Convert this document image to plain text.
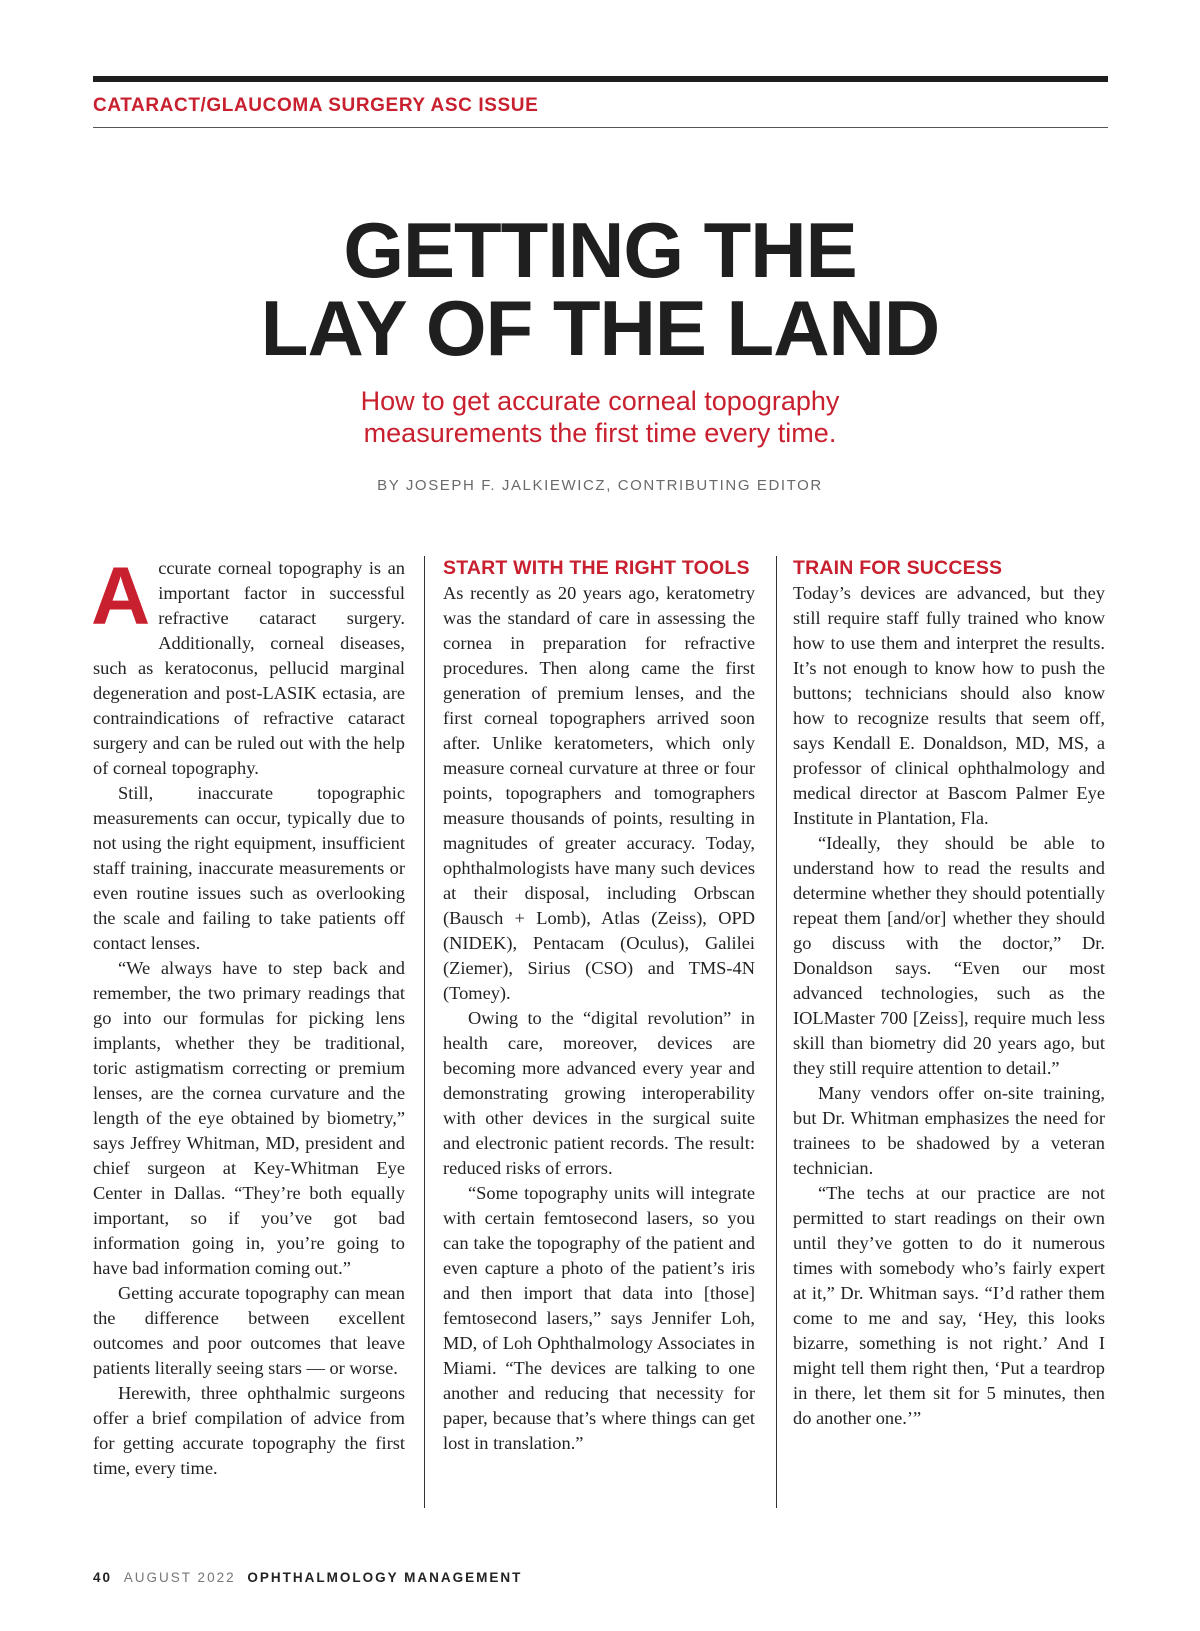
CATARACT/GLAUCOMA SURGERY ASC ISSUE
GETTING THE
LAY OF THE LAND
How to get accurate corneal topography
measurements the first time every time.
BY JOSEPH F. JALKIEWICZ, CONTRIBUTING EDITOR

Accurate corneal topography is an important factor in successful refractive cataract surgery. Additionally, corneal diseases, such as keratoconus, pellucid marginal degeneration and post-LASIK ectasia, are contraindications of refractive cataract surgery and can be ruled out with the help of corneal topography.

Still, inaccurate topographic measurements can occur, typically due to not using the right equipment, insufficient staff training, inaccurate measurements or even routine issues such as overlooking the scale and failing to take patients off contact lenses.

“We always have to step back and remember, the two primary readings that go into our formulas for picking lens implants, whether they be traditional, toric astigmatism correcting or premium lenses, are the cornea curvature and the length of the eye obtained by biometry,” says Jeffrey Whitman, MD, president and chief surgeon at Key-Whitman Eye Center in Dallas. “They’re both equally important, so if you’ve got bad information going in, you’re going to have bad information coming out.”

Getting accurate topography can mean the difference between excellent outcomes and poor outcomes that leave patients literally seeing stars — or worse.

Herewith, three ophthalmic surgeons offer a brief compilation of advice from for getting accurate topography the first time, every time.

START WITH THE RIGHT TOOLS

As recently as 20 years ago, keratometry was the standard of care in assessing the cornea in preparation for refractive procedures. Then along came the first generation of premium lenses, and the first corneal topographers arrived soon after. Unlike keratometers, which only measure corneal curvature at three or four points, topographers and tomographers measure thousands of points, resulting in magnitudes of greater accuracy. Today, ophthalmologists have many such devices at their disposal, including Orbscan (Bausch + Lomb), Atlas (Zeiss), OPD (NIDEK), Pentacam (Oculus), Galilei (Ziemer), Sirius (CSO) and TMS-4N (Tomey).

Owing to the “digital revolution” in health care, moreover, devices are becoming more advanced every year and demonstrating growing interoperability with other devices in the surgical suite and electronic patient records. The result: reduced risks of errors.

“Some topography units will integrate with certain femtosecond lasers, so you can take the topography of the patient and even capture a photo of the patient’s iris and then import that data into [those] femtosecond lasers,” says Jennifer Loh, MD, of Loh Ophthalmology Associates in Miami. “The devices are talking to one another and reducing that necessity for paper, because that’s where things can get lost in translation.”

TRAIN FOR SUCCESS

Today’s devices are advanced, but they still require staff fully trained who know how to use them and interpret the results. It’s not enough to know how to push the buttons; technicians should also know how to recognize results that seem off, says Kendall E. Donaldson, MD, MS, a professor of clinical ophthalmology and medical director at Bascom Palmer Eye Institute in Plantation, Fla.

“Ideally, they should be able to understand how to read the results and determine whether they should potentially repeat them [and/or] whether they should go discuss with the doctor,” Dr. Donaldson says. “Even our most advanced technologies, such as the IOLMaster 700 [Zeiss], require much less skill than biometry did 20 years ago, but they still require attention to detail.”

Many vendors offer on-site training, but Dr. Whitman emphasizes the need for trainees to be shadowed by a veteran technician.

“The techs at our practice are not permitted to start readings on their own until they’ve gotten to do it numerous times with somebody who’s fairly expert at it,” Dr. Whitman says. “I’d rather them come to me and say, ‘Hey, this looks bizarre, something is not right.’ And I might tell them right then, ‘Put a teardrop in there, let them sit for 5 minutes, then do another one.’”

40 AUGUST 2022 OPHTHALMOLOGY MANAGEMENT
